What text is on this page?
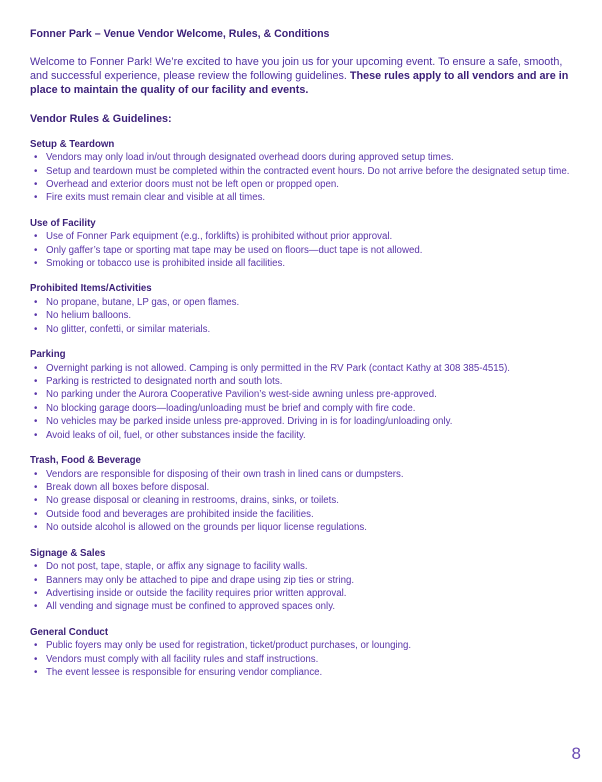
Fonner Park – Venue Vendor Welcome, Rules, & Conditions

Welcome to Fonner Park! We’re excited to have you join us for your upcoming event. To ensure a safe, smooth, and successful experience, please review the following guidelines. These rules apply to all vendors and are in place to maintain the quality of our facility and events.

Vendor Rules & Guidelines:
Setup & Teardown
• Vendors may only load in/out through designated overhead doors during approved setup times.
• Setup and teardown must be completed within the contracted event hours. Do not arrive before the designated setup time.
• Overhead and exterior doors must not be left open or propped open.
• Fire exits must remain clear and visible at all times.
Use of Facility
• Use of Fonner Park equipment (e.g., forklifts) is prohibited without prior approval.
• Only gaffer’s tape or sporting mat tape may be used on floors—duct tape is not allowed.
• Smoking or tobacco use is prohibited inside all facilities.
Prohibited Items/Activities
• No propane, butane, LP gas, or open flames.
• No helium balloons.
• No glitter, confetti, or similar materials.
Parking
• Overnight parking is not allowed. Camping is only permitted in the RV Park (contact Kathy at 308 385-4515).
• Parking is restricted to designated north and south lots.
• No parking under the Aurora Cooperative Pavilion’s west-side awning unless pre-approved.
• No blocking garage doors—loading/unloading must be brief and comply with fire code.
• No vehicles may be parked inside unless pre-approved. Driving in is for loading/unloading only.
• Avoid leaks of oil, fuel, or other substances inside the facility.
Trash, Food & Beverage
• Vendors are responsible for disposing of their own trash in lined cans or dumpsters.
• Break down all boxes before disposal.
• No grease disposal or cleaning in restrooms, drains, sinks, or toilets.
• Outside food and beverages are prohibited inside the facilities.
• No outside alcohol is allowed on the grounds per liquor license regulations.
Signage & Sales
• Do not post, tape, staple, or affix any signage to facility walls.
• Banners may only be attached to pipe and drape using zip ties or string.
• Advertising inside or outside the facility requires prior written approval.
• All vending and signage must be confined to approved spaces only.
General Conduct
• Public foyers may only be used for registration, ticket/product purchases, or lounging.
• Vendors must comply with all facility rules and staff instructions.
• The event lessee is responsible for ensuring vendor compliance.
8
